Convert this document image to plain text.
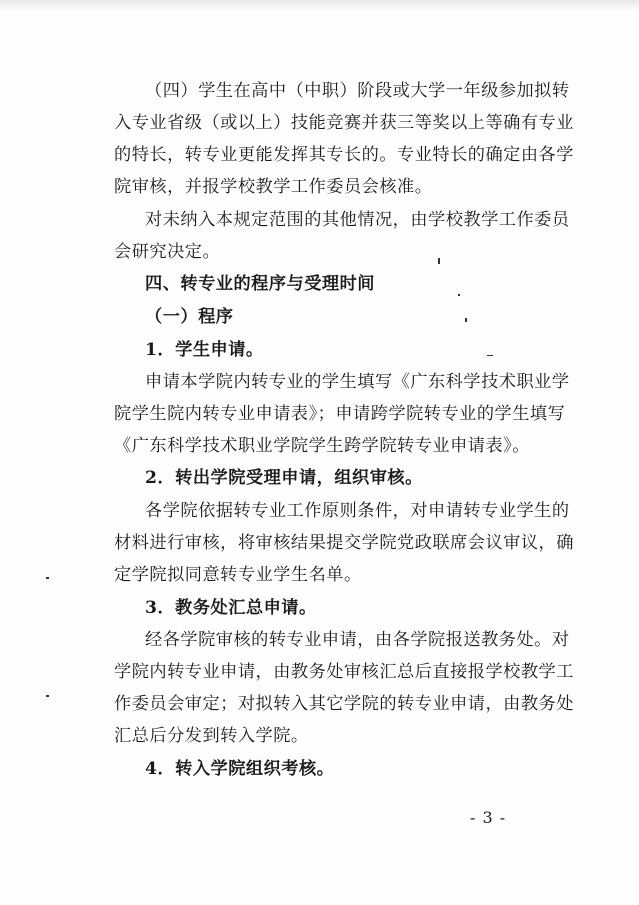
（四）学生在高中（中职）阶段或大学一年级参加拟转
入专业省级（或以上）技能竞赛并获三等奖以上等确有专业
的特长，转专业更能发挥其专长的。专业特长的确定由各学
院审核，并报学校教学工作委员会核准。
对未纳入本规定范围的其他情况，由学校教学工作委员
会研究决定。
四、转专业的程序与受理时间
（一）程序
1．学生申请。
申请本学院内转专业的学生填写《广东科学技术职业学
院学生院内转专业申请表》；申请跨学院转专业的学生填写
《广东科学技术职业学院学生跨学院转专业申请表》。
2．转出学院受理申请，组织审核。
各学院依据转专业工作原则条件，对申请转专业学生的
材料进行审核，将审核结果提交学院党政联席会议审议，确
定学院拟同意转专业学生名单。
3．教务处汇总申请。
经各学院审核的转专业申请，由各学院报送教务处。对
学院内转专业申请，由教务处审核汇总后直接报学校教学工
作委员会审定；对拟转入其它学院的转专业申请，由教务处
汇总后分发到转入学院。
4．转入学院组织考核。
- 3 -
